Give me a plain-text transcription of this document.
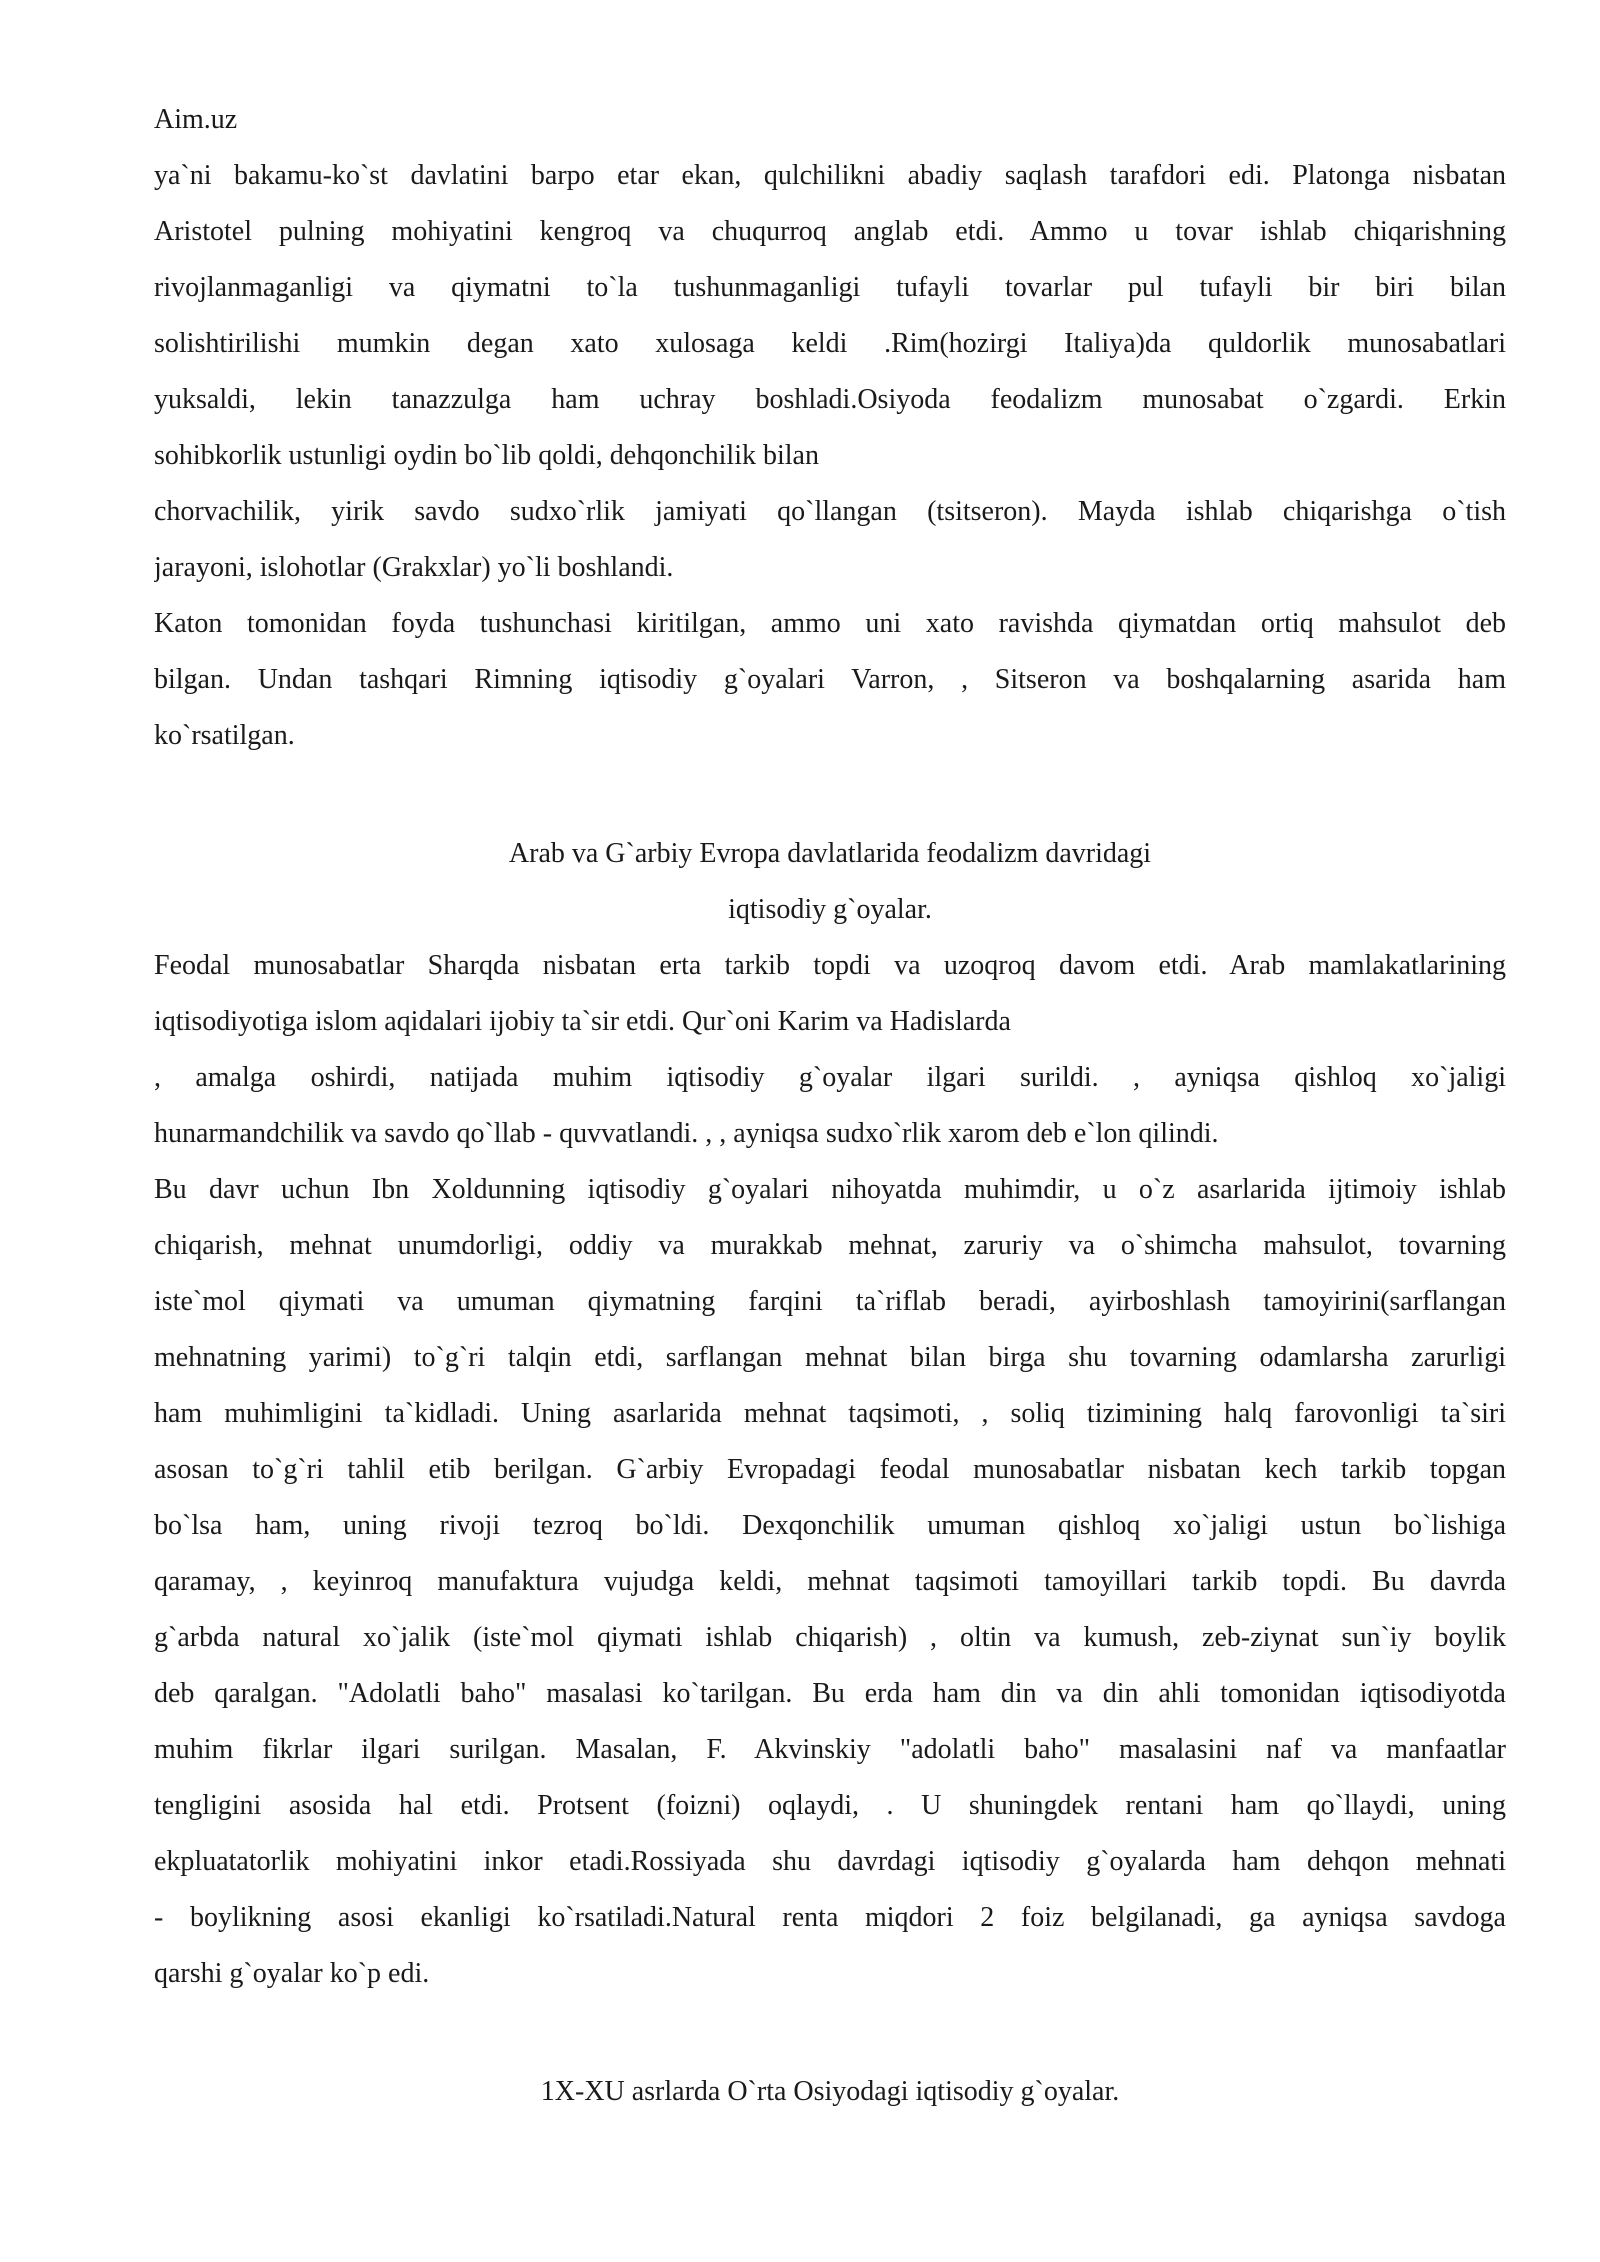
Aim.uz
ya`ni bakamu-ko`st davlatini barpo etar ekan, qulchilikni abadiy saqlash tarafdori edi. Platonga nisbatan
Aristotel pulning mohiyatini kengroq va chuqurroq anglab etdi. Ammo u tovar ishlab chiqarishning
rivojlanmaganligi va qiymatni to`la tushunmaganligi tufayli tovarlar pul tufayli bir biri bilan
solishtirilishi mumkin degan xato xulosaga keldi .Rim(hozirgi Italiya)da quldorlik munosabatlari
yuksaldi, lekin tanazzulga ham uchray boshladi.Osiyoda feodalizm munosabat o`zgardi. Erkin
sohibkorlik ustunligi oydin bo`lib qoldi, dehqonchilik bilan
chorvachilik, yirik savdo sudxo`rlik jamiyati qo`llangan (tsitseron). Mayda ishlab chiqarishga o`tish
jarayoni, islohotlar (Grakxlar) yo`li boshlandi.
Katon tomonidan foyda tushunchasi kiritilgan, ammo uni xato ravishda qiymatdan ortiq mahsulot deb
bilgan. Undan tashqari Rimning iqtisodiy g`oyalari Varron, , Sitseron va boshqalarning asarida ham
ko`rsatilgan.
Arab va G`arbiy Evropa davlatlarida feodalizm davridagi
iqtisodiy g`oyalar.
Feodal munosabatlar Sharqda nisbatan erta tarkib topdi va uzoqroq davom etdi. Arab mamlakatlarining
iqtisodiyotiga islom aqidalari ijobiy ta`sir etdi. Qur`oni Karim va Hadislarda
, amalga oshirdi, natijada muhim iqtisodiy g`oyalar ilgari surildi. , ayniqsa qishloq xo`jaligi
hunarmandchilik va savdo qo`llab - quvvatlandi. , , ayniqsa sudxo`rlik xarom deb e`lon qilindi.
Bu davr uchun Ibn Xoldunning iqtisodiy g`oyalari nihoyatda muhimdir, u o`z asarlarida ijtimoiy ishlab
chiqarish, mehnat unumdorligi, oddiy va murakkab mehnat, zaruriy va o`shimcha mahsulot, tovarning
iste`mol qiymati va umuman qiymatning farqini ta`riflab beradi, ayirboshlash tamoyirini(sarflangan
mehnatning yarimi) to`g`ri talqin etdi, sarflangan mehnat bilan birga shu tovarning odamlarsha zarurligi
ham muhimligini ta`kidladi. Uning asarlarida mehnat taqsimoti, , soliq tizimining halq farovonligi ta`siri
asosan to`g`ri tahlil etib berilgan. G`arbiy Evropadagi feodal munosabatlar nisbatan kech tarkib topgan
bo`lsa ham, uning rivoji tezroq bo`ldi. Dexqonchilik umuman qishloq xo`jaligi ustun bo`lishiga
qaramay, , keyinroq manufaktura vujudga keldi, mehnat taqsimoti tamoyillari tarkib topdi. Bu davrda
g`arbda natural xo`jalik (iste`mol qiymati ishlab chiqarish) , oltin va kumush, zeb-ziynat sun`iy boylik
deb qaralgan. "Adolatli baho" masalasi ko`tarilgan. Bu erda ham din va din ahli tomonidan iqtisodiyotda
muhim fikrlar ilgari surilgan. Masalan, F. Akvinskiy "adolatli baho" masalasini naf va manfaatlar
tengligini asosida hal etdi. Protsent (foizni) oqlaydi, . U shuningdek rentani ham qo`llaydi, uning
ekpluatatorlik mohiyatini inkor etadi.Rossiyada shu davrdagi iqtisodiy g`oyalarda ham dehqon mehnati
- boylikning asosi ekanligi ko`rsatiladi.Natural renta miqdori 2 foiz belgilanadi, ga ayniqsa savdoga
qarshi g`oyalar ko`p edi.
1X-XU asrlarda O`rta Osiyodagi iqtisodiy g`oyalar.
